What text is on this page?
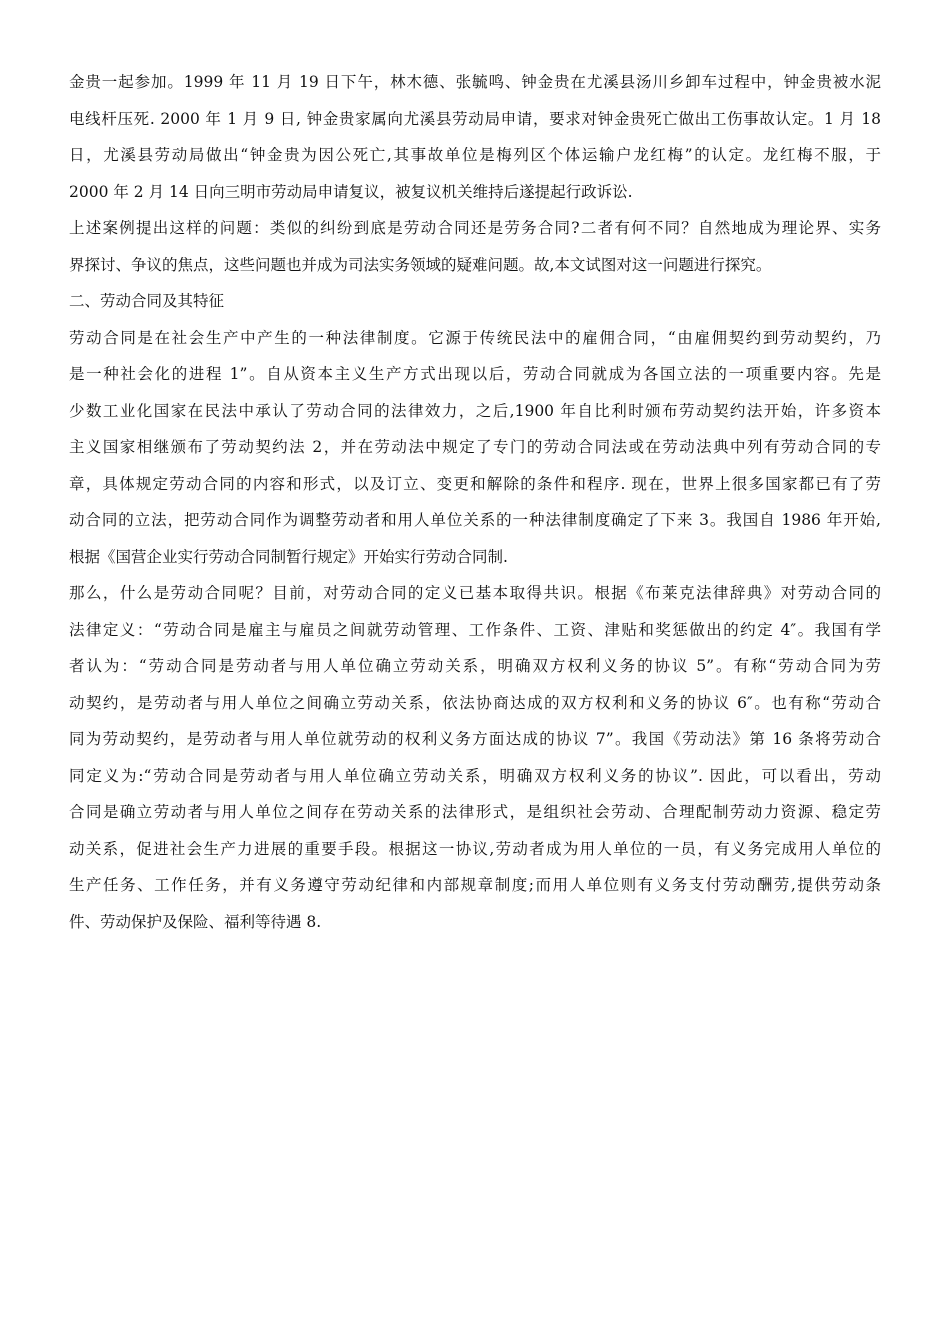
金贵一起参加。1999 年 11 月 19 日下午，林木德、张毓鸣、钟金贵在尤溪县汤川乡卸车过程中，钟金贵被水泥
电线杆压死. 2000 年 1 月 9 日, 钟金贵家属向尤溪县劳动局申请，要求对钟金贵死亡做出工伤事故认定。1 月 18
日，尤溪县劳动局做出“钟金贵为因公死亡,其事故单位是梅列区个体运输户龙红梅”的认定。龙红梅不服，于
2000 年 2 月 14 日向三明市劳动局申请复议，被复议机关维持后遂提起行政诉讼.
上述案例提出这样的问题：类似的纠纷到底是劳动合同还是劳务合同?二者有何不同？自然地成为理论界、实务
界探讨、争议的焦点，这些问题也并成为司法实务领域的疑难问题。故,本文试图对这一问题进行探究。
二、劳动合同及其特征
劳动合同是在社会生产中产生的一种法律制度。它源于传统民法中的雇佣合同，“由雇佣契约到劳动契约，乃
是一种社会化的进程 1”。自从资本主义生产方式出现以后，劳动合同就成为各国立法的一项重要内容。先是
少数工业化国家在民法中承认了劳动合同的法律效力，之后,1900 年自比利时颁布劳动契约法开始，许多资本
主义国家相继颁布了劳动契约法 2，并在劳动法中规定了专门的劳动合同法或在劳动法典中列有劳动合同的专
章，具体规定劳动合同的内容和形式，以及订立、变更和解除的条件和程序. 现在，世界上很多国家都已有了劳
动合同的立法，把劳动合同作为调整劳动者和用人单位关系的一种法律制度确定了下来 3。我国自 1986 年开始,
根据《国营企业实行劳动合同制暂行规定》开始实行劳动合同制.
那么，什么是劳动合同呢？目前，对劳动合同的定义已基本取得共识。根据《布莱克法律辞典》对劳动合同的
法律定义：“劳动合同是雇主与雇员之间就劳动管理、工作条件、工资、津贴和奖惩做出的约定 4″。我国有学
者认为：“劳动合同是劳动者与用人单位确立劳动关系，明确双方权利义务的协议 5”。有称“劳动合同为劳
动契约，是劳动者与用人单位之间确立劳动关系，依法协商达成的双方权利和义务的协议 6″。也有称“劳动合
同为劳动契约，是劳动者与用人单位就劳动的权利义务方面达成的协议 7”。我国《劳动法》第 16 条将劳动合
同定义为:“劳动合同是劳动者与用人单位确立劳动关系，明确双方权利义务的协议”. 因此，可以看出，劳动
合同是确立劳动者与用人单位之间存在劳动关系的法律形式，是组织社会劳动、合理配制劳动力资源、稳定劳
动关系，促进社会生产力进展的重要手段。根据这一协议,劳动者成为用人单位的一员，有义务完成用人单位的
生产任务、工作任务，并有义务遵守劳动纪律和内部规章制度;而用人单位则有义务支付劳动酬劳,提供劳动条
件、劳动保护及保险、福利等待遇 8.
